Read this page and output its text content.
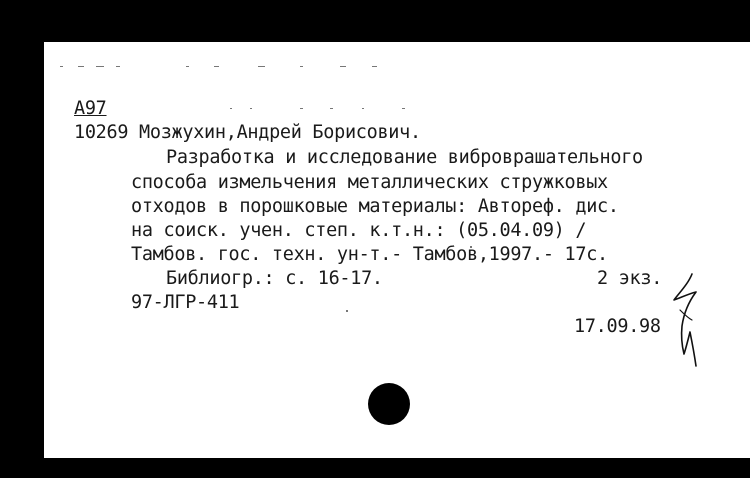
А97
10269 Мозжухин,Андрей Борисович.
Разработка и исследование виброврашательного
способа измельчения металлических стружковых
отходов в порошковые материалы: Автореф. дис.
на соиск. учен. степ. к.т.н.: (05.04.09) /
Тамбов. гос. техн. ун-т.- Тамбов,1997.- 17с.
Библиогр.: с. 16-17.	2 экз.
97-ЛГР-411
17.09.98
